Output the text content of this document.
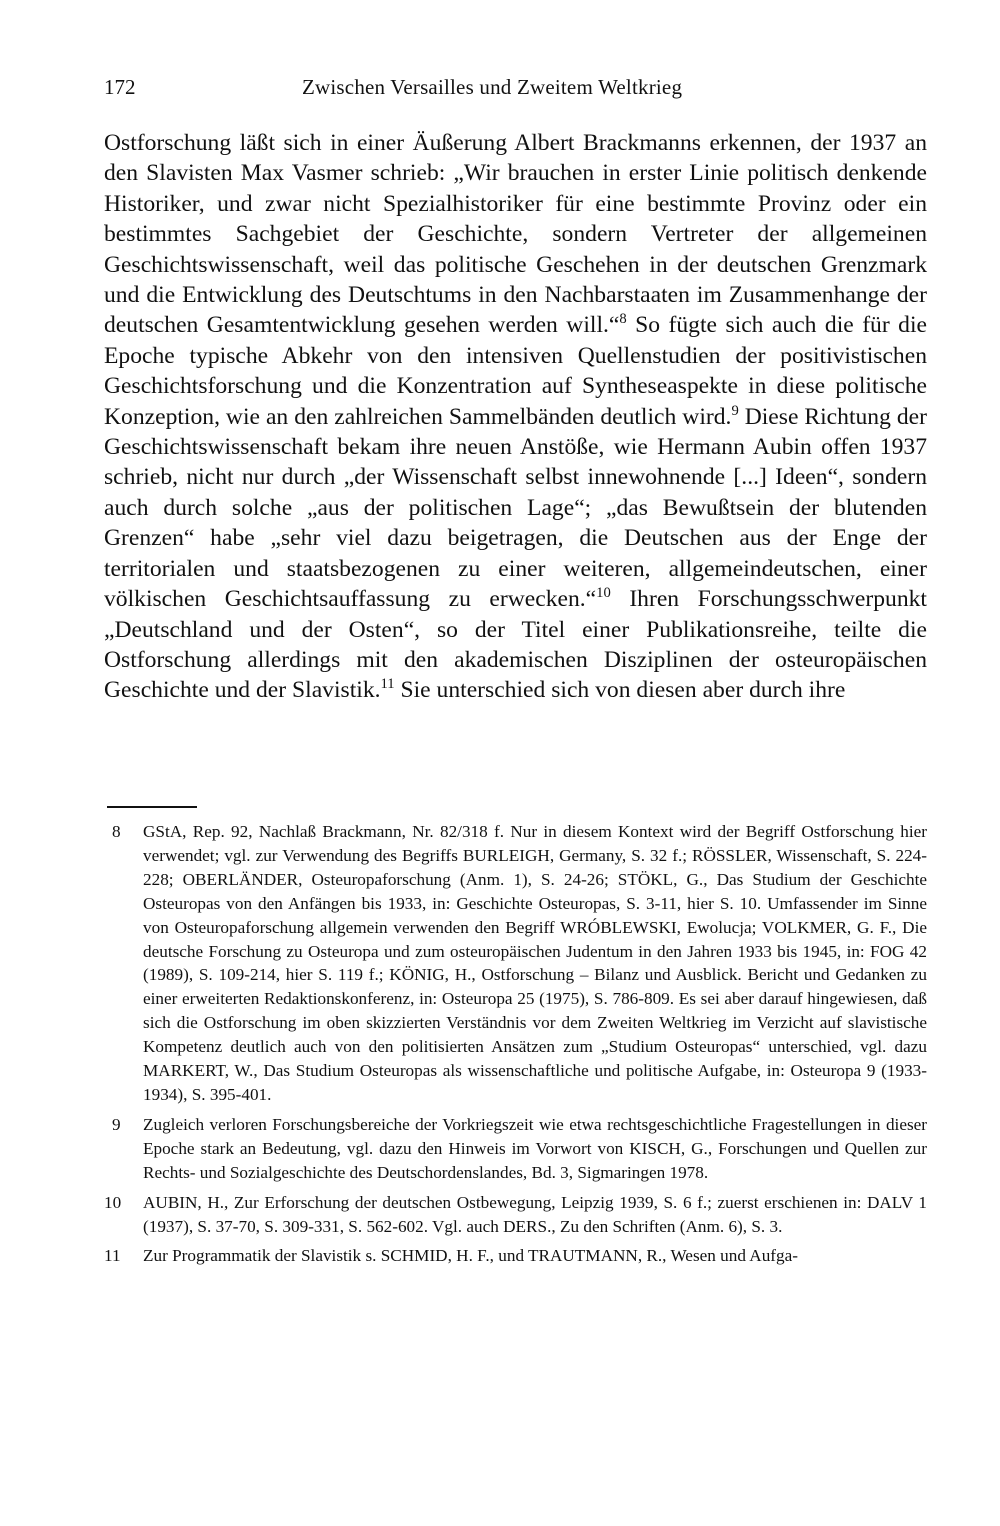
172	Zwischen Versailles und Zweitem Weltkrieg

Ostforschung läßt sich in einer Äußerung Albert Brackmanns erkennen, der 1937 an den Slavisten Max Vasmer schrieb: „Wir brauchen in erster Linie politisch denkende Historiker, und zwar nicht Spezialhistoriker für eine bestimmte Provinz oder ein bestimmtes Sachgebiet der Geschichte, sondern Vertreter der allgemeinen Geschichtswissenschaft, weil das politische Geschehen in der deutschen Grenzmark und die Entwicklung des Deutschtums in den Nachbarstaaten im Zusammenhange der deutschen Gesamtentwicklung gesehen werden will.“$^8$ So fügte sich auch die für die Epoche typische Abkehr von den intensiven Quellenstudien der positivistischen Geschichtsforschung und die Konzentration auf Syntheseaspekte in diese politische Konzeption, wie an den zahlreichen Sammelbänden deutlich wird.$^9$ Diese Richtung der Geschichtswissenschaft bekam ihre neuen Anstöße, wie Hermann Aubin offen 1937 schrieb, nicht nur durch „der Wissenschaft selbst innewohnende [...] Ideen“, sondern auch durch solche „aus der politischen Lage“; „das Bewußtsein der blutenden Grenzen“ habe „sehr viel dazu beigetragen, die Deutschen aus der Enge der territorialen und staatsbezogenen zu einer weiteren, allgemeindeutschen, einer völkischen Geschichtsauffassung zu erwecken.“$^{10}$ Ihren Forschungsschwerpunkt „Deutschland und der Osten“, so der Titel einer Publikationsreihe, teilte die Ostforschung allerdings mit den akademischen Disziplinen der osteuropäischen Geschichte und der Slavistik.$^{11}$ Sie unterschied sich von diesen aber durch ihre

8 GStA, Rep. 92, Nachlaß Brackmann, Nr. 82/318 f. Nur in diesem Kontext wird der Begriff Ostforschung hier verwendet; vgl. zur Verwendung des Begriffs BURLEIGH, Germany, S. 32 f.; RÖSSLER, Wissenschaft, S. 224-228; OBERLÄNDER, Osteuropaforschung (Anm. 1), S. 24-26; STÖKL, G., Das Studium der Geschichte Osteuropas von den Anfängen bis 1933, in: Geschichte Osteuropas, S. 3-11, hier S. 10. Umfassender im Sinne von Osteuropaforschung allgemein verwenden den Begriff WRÓBLEWSKI, Ewolucja; VOLKMER, G. F., Die deutsche Forschung zu Osteuropa und zum osteuropäischen Judentum in den Jahren 1933 bis 1945, in: FOG 42 (1989), S. 109-214, hier S. 119 f.; KÖNIG, H., Ostforschung – Bilanz und Ausblick. Bericht und Gedanken zu einer erweiterten Redaktionskonferenz, in: Osteuropa 25 (1975), S. 786-809. Es sei aber darauf hingewiesen, daß sich die Ostforschung im oben skizzierten Verständnis vor dem Zweiten Weltkrieg im Verzicht auf slavistische Kompetenz deutlich auch von den politisierten Ansätzen zum „Studium Osteuropas“ unterschied, vgl. dazu MARKERT, W., Das Studium Osteuropas als wissenschaftliche und politische Aufgabe, in: Osteuropa 9 (1933-1934), S. 395-401.
9 Zugleich verloren Forschungsbereiche der Vorkriegszeit wie etwa rechtsgeschichtliche Fragestellungen in dieser Epoche stark an Bedeutung, vgl. dazu den Hinweis im Vorwort von KISCH, G., Forschungen und Quellen zur Rechts- und Sozialgeschichte des Deutschordenslandes, Bd. 3, Sigmaringen 1978.
10 AUBIN, H., Zur Erforschung der deutschen Ostbewegung, Leipzig 1939, S. 6 f.; zuerst erschienen in: DALV 1 (1937), S. 37-70, S. 309-331, S. 562-602. Vgl. auch DERS., Zu den Schriften (Anm. 6), S. 3.
11 Zur Programmatik der Slavistik s. SCHMID, H. F., und TRAUTMANN, R., Wesen und Aufga-
